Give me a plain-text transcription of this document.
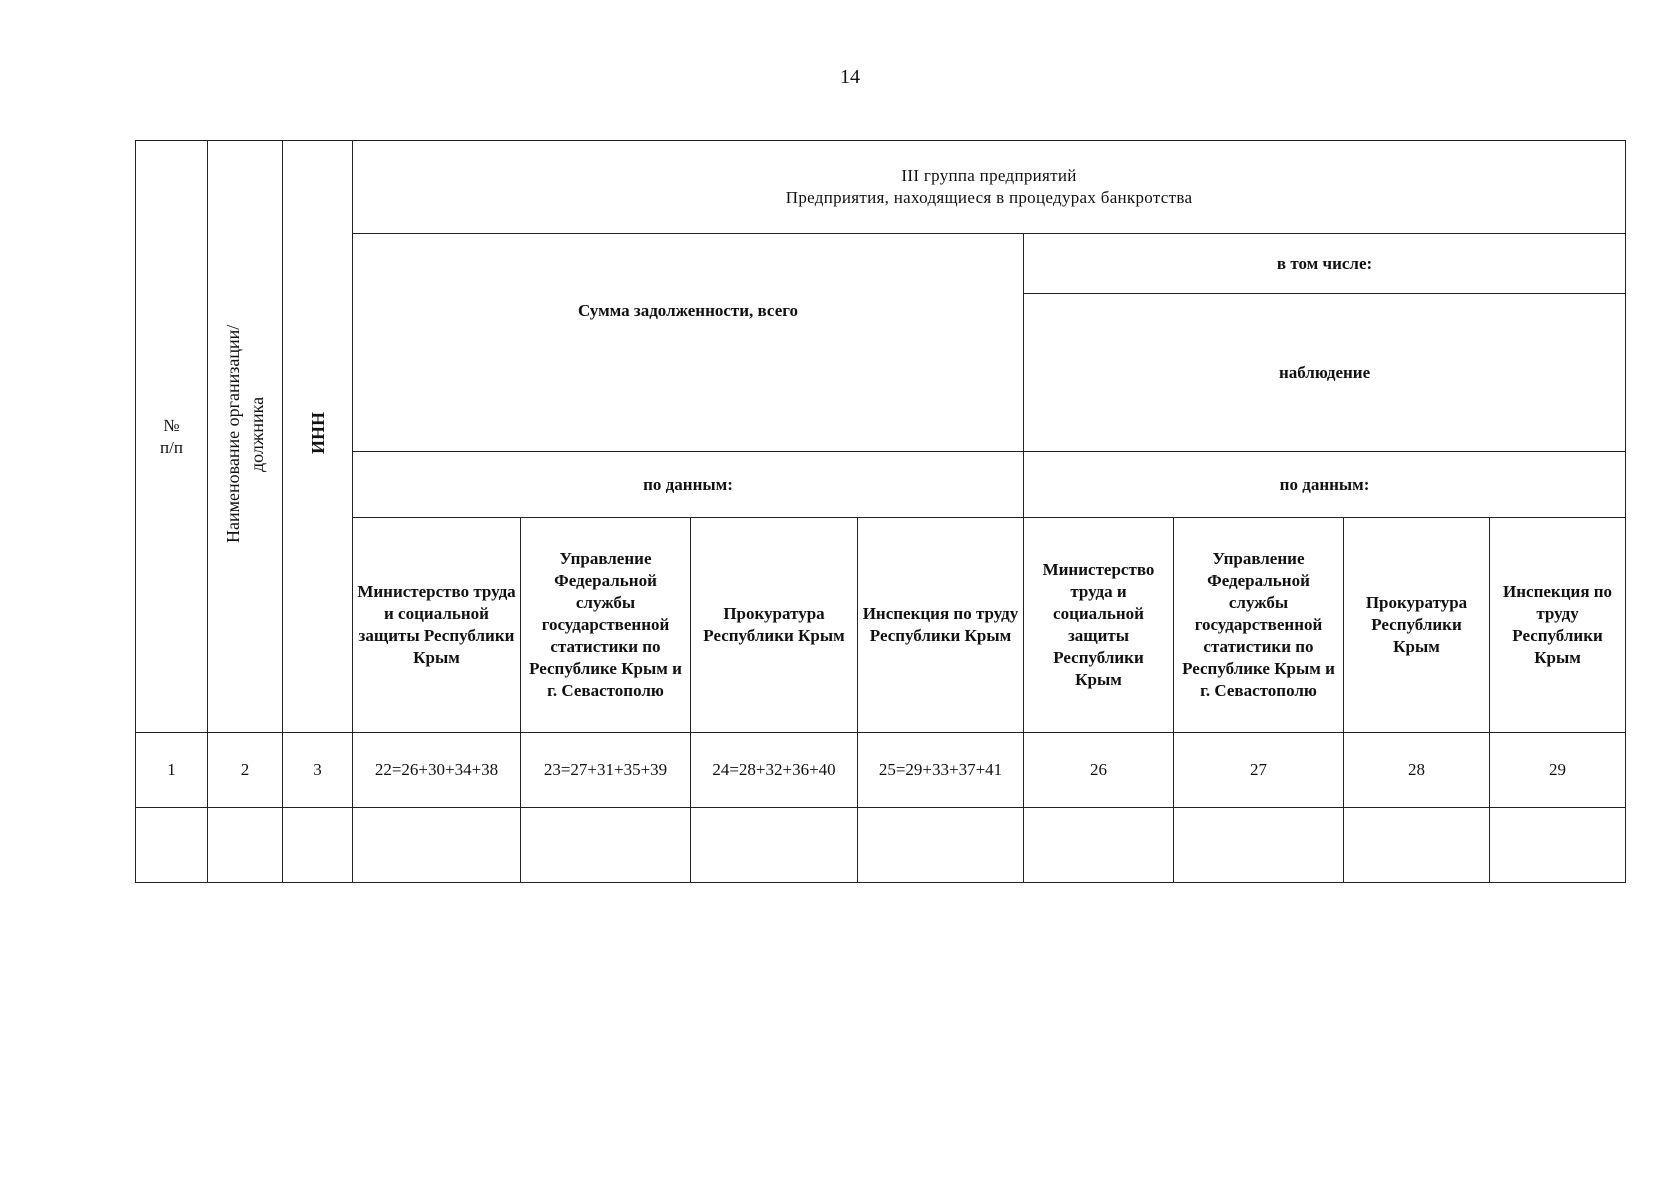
14
№ п/п	Наименование организации/ должника	ИНН	III группа предприятий
Предприятия, находящиеся в процедурах банкротства							

			Сумма задолженности, всего				в том числе:			
							наблюдение			
			по данным:				по данным:			
			Министерство труда и социальной защиты Республики Крым	Управление Федеральной службы государственной статистики по Республике Крым и г. Севастополю	Прокуратура Республики Крым	Инспекция по труду Республики Крым	Министерство труда и социальной защиты Республики Крым	Управление Федеральной службы государственной статистики по Республике Крым и г. Севастополю	Прокуратура Республики Крым	Инспекция по труду Республики Крым
1	2	3	22=26+30+34+38	23=27+31+35+39	24=28+32+36+40	25=29+33+37+41	26	27	28	29
